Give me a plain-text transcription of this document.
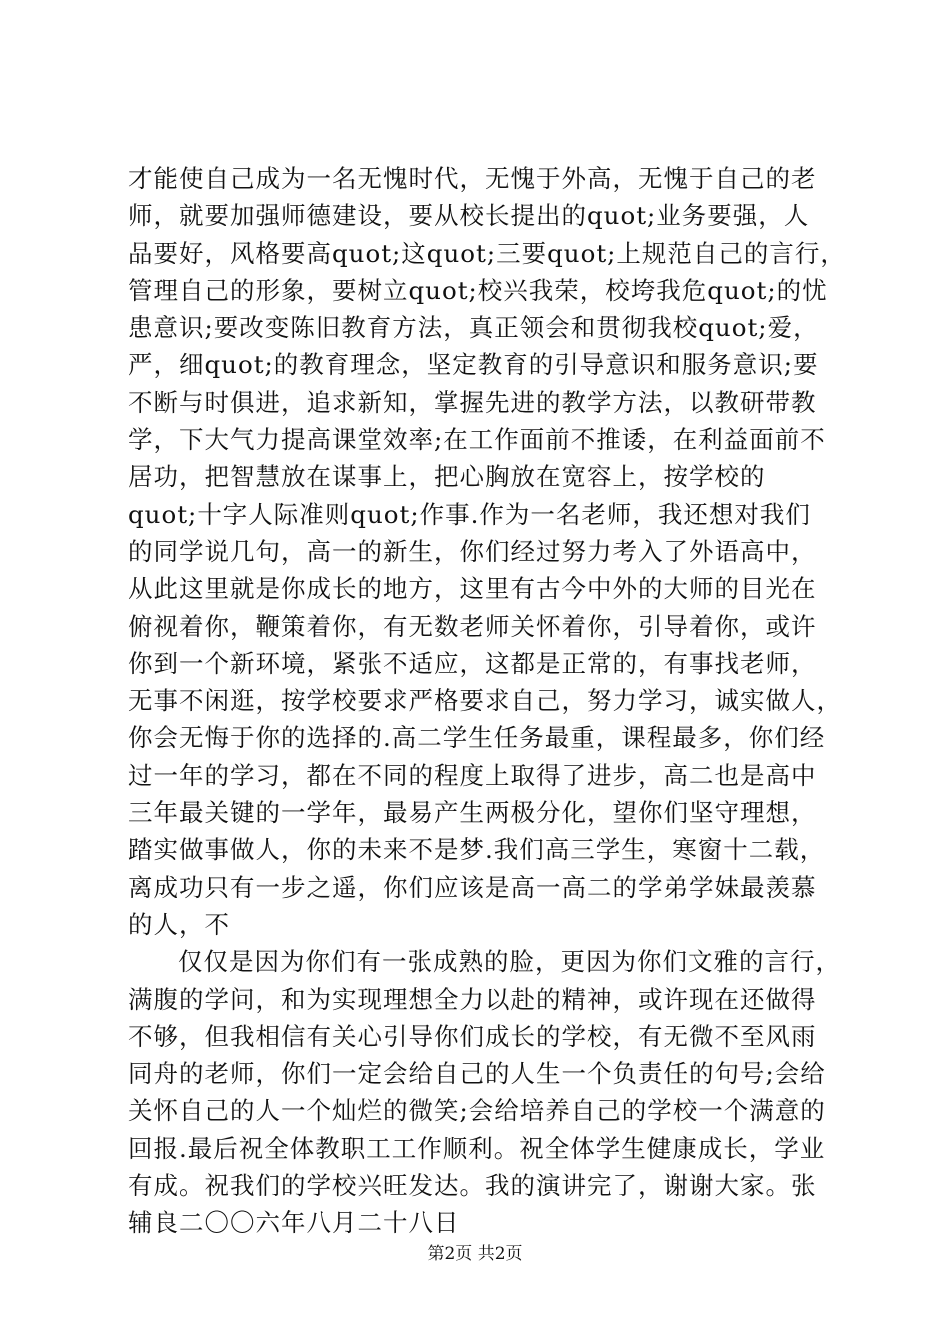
才能使自己成为一名无愧时代，无愧于外高，无愧于自己的老
师，就要加强师德建设，要从校长提出的quot;业务要强，人
品要好，风格要高quot;这quot;三要quot;上规范自己的言行，
管理自己的形象，要树立quot;校兴我荣，校垮我危quot;的忧
患意识;要改变陈旧教育方法，真正领会和贯彻我校quot;爱，
严，细quot;的教育理念，坚定教育的引导意识和服务意识;要
不断与时俱进，追求新知，掌握先进的教学方法，以教研带教
学，下大气力提高课堂效率;在工作面前不推诿，在利益面前不
居功，把智慧放在谋事上，把心胸放在宽容上，按学校的
quot;十字人际准则quot;作事.作为一名老师，我还想对我们
的同学说几句，高一的新生，你们经过努力考入了外语高中，
从此这里就是你成长的地方，这里有古今中外的大师的目光在
俯视着你，鞭策着你，有无数老师关怀着你，引导着你，或许
你到一个新环境，紧张不适应，这都是正常的，有事找老师，
无事不闲逛，按学校要求严格要求自己，努力学习，诚实做人，
你会无悔于你的选择的.高二学生任务最重，课程最多，你们经
过一年的学习，都在不同的程度上取得了进步，高二也是高中
三年最关键的一学年，最易产生两极分化，望你们坚守理想，
踏实做事做人，你的未来不是梦.我们高三学生，寒窗十二载，
离成功只有一步之遥，你们应该是高一高二的学弟学妹最羡慕
的人，不
仅仅是因为你们有一张成熟的脸，更因为你们文雅的言行，
满腹的学问，和为实现理想全力以赴的精神，或许现在还做得
不够，但我相信有关心引导你们成长的学校，有无微不至风雨
同舟的老师，你们一定会给自己的人生一个负责任的句号;会给
关怀自己的人一个灿烂的微笑;会给培养自己的学校一个满意的
回报.最后祝全体教职工工作顺利。祝全体学生健康成长，学业
有成。祝我们的学校兴旺发达。我的演讲完了，谢谢大家。张
辅良二〇〇六年八月二十八日
第2页 共2页
